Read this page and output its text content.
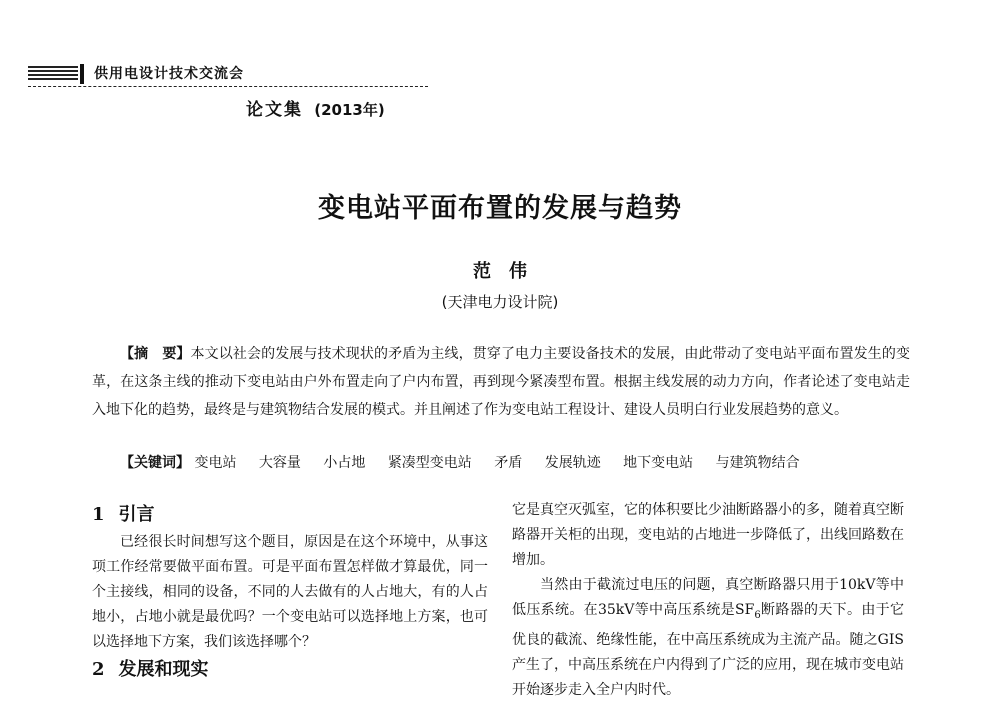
供用电设计技术交流会
论文集 (2013年)
变电站平面布置的发展与趋势
范伟
(天津电力设计院)

【摘　要】本文以社会的发展与技术现状的矛盾为主线，贯穿了电力主要设备技术的发展，由此带动了变电站平面布置发生的变革，在这条主线的推动下变电站由户外布置走向了户内布置，再到现今紧凑型布置。根据主线发展的动力方向，作者论述了变电站走入地下化的趋势，最终是与建筑物结合发展的模式。并且阐述了作为变电站工程设计、建设人员明白行业发展趋势的意义。

【关键词】 变电站 大容量 小占地 紧凑型变电站 矛盾 发展轨迹 地下变电站 与建筑物结合

1 引言

已经很长时间想写这个题目，原因是在这个环境中，从事这项工作经常要做平面布置。可是平面布置怎样做才算最优，同一个主接线，相同的设备，不同的人去做有的人占地大，有的人占地小，占地小就是最优吗？一个变电站可以选择地上方案，也可以选择地下方案，我们该选择哪个？

2 发展和现实

它是真空灭弧室，它的体积要比少油断路器小的多，随着真空断路器开关柜的出现，变电站的占地进一步降低了，出线回路数在增加。

当然由于截流过电压的问题，真空断路器只用于10kV等中低压系统。在35kV等中高压系统是$SF_6$断路器的天下。由于它优良的截流、绝缘性能，在中高压系统成为主流产品。随之GIS产生了，中高压系统在户内得到了广泛的应用，现在城市变电站开始逐步走入全户内时代。
